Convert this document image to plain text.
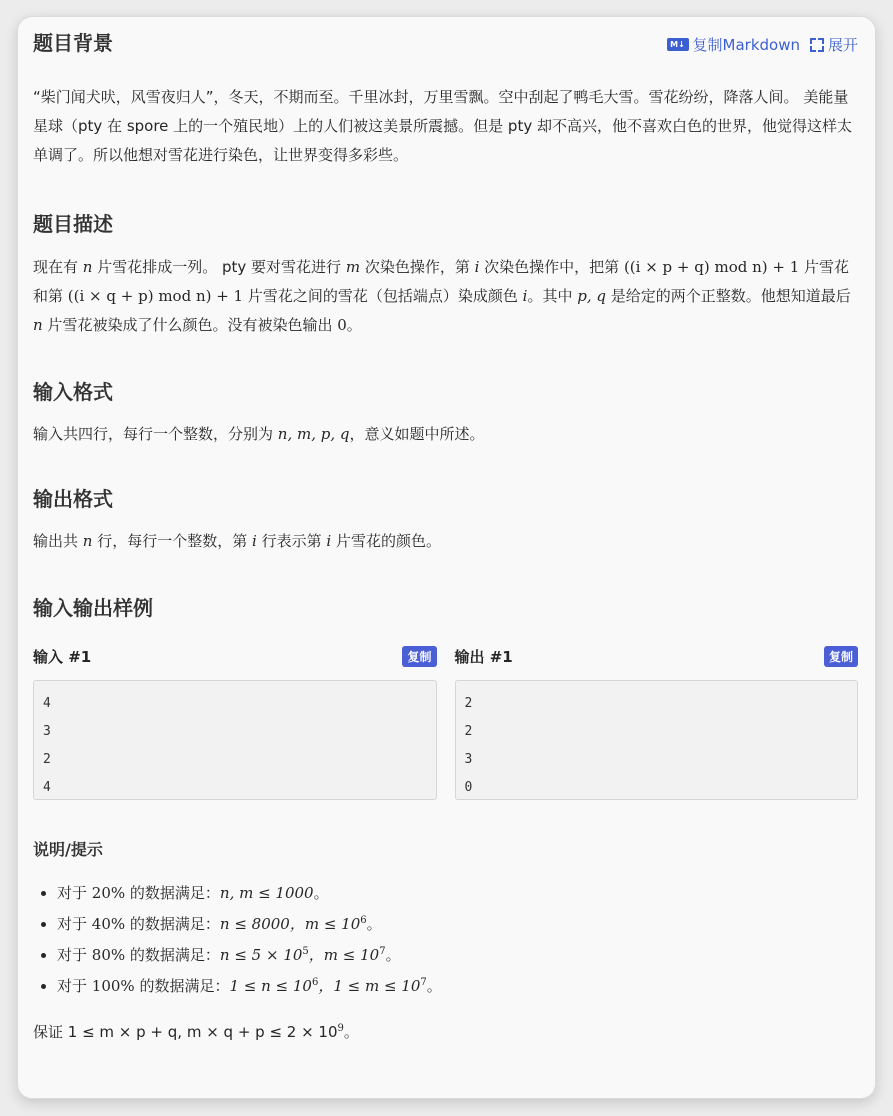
题目背景	M↓ 复制Markdown 展开

“柴门闻犬吠，风雪夜归人”，冬天，不期而至。千里冰封，万里雪飘。空中刮起了鸭毛大雪。雪花纷纷，降落人间。 美能量星球（pty 在 spore 上的一个殖民地）上的人们被这美景所震撼。但是 pty 却不高兴，他不喜欢白色的世界，他觉得这样太单调了。所以他想对雪花进行染色，让世界变得多彩些。

题目描述

现在有 n 片雪花排成一列。 pty 要对雪花进行 m 次染色操作，第 i 次染色操作中，把第 ((i × p + q) mod n) + 1 片雪花和第 ((i × q + p) mod n) + 1 片雪花之间的雪花（包括端点）染成颜色 i。其中 p, q 是给定的两个正整数。他想知道最后 n 片雪花被染成了什么颜色。没有被染色输出 0。

输入格式

输入共四行，每行一个整数，分别为 n, m, p, q，意义如题中所述。

输出格式

输出共 n 行，每行一个整数，第 i 行表示第 i 片雪花的颜色。

输入输出样例
输入 #1	复制
4
3
2
4
输出 #1	复制
2
2
3
0
说明/提示
• 对于 20% 的数据满足：n, m ≤ 1000。
• 对于 40% 的数据满足：n ≤ 8000，$m \le 10^6$。
• 对于 80% 的数据满足：$n \le 5 \times 10^5$，$m \le 10^7$。
• 对于 100% 的数据满足：$1 \le n \le 10^6$，$1 \le m \le 10^7$。

保证 1 ≤ m × p + q, $m \times q + p \le 2 \times 10^9$。
